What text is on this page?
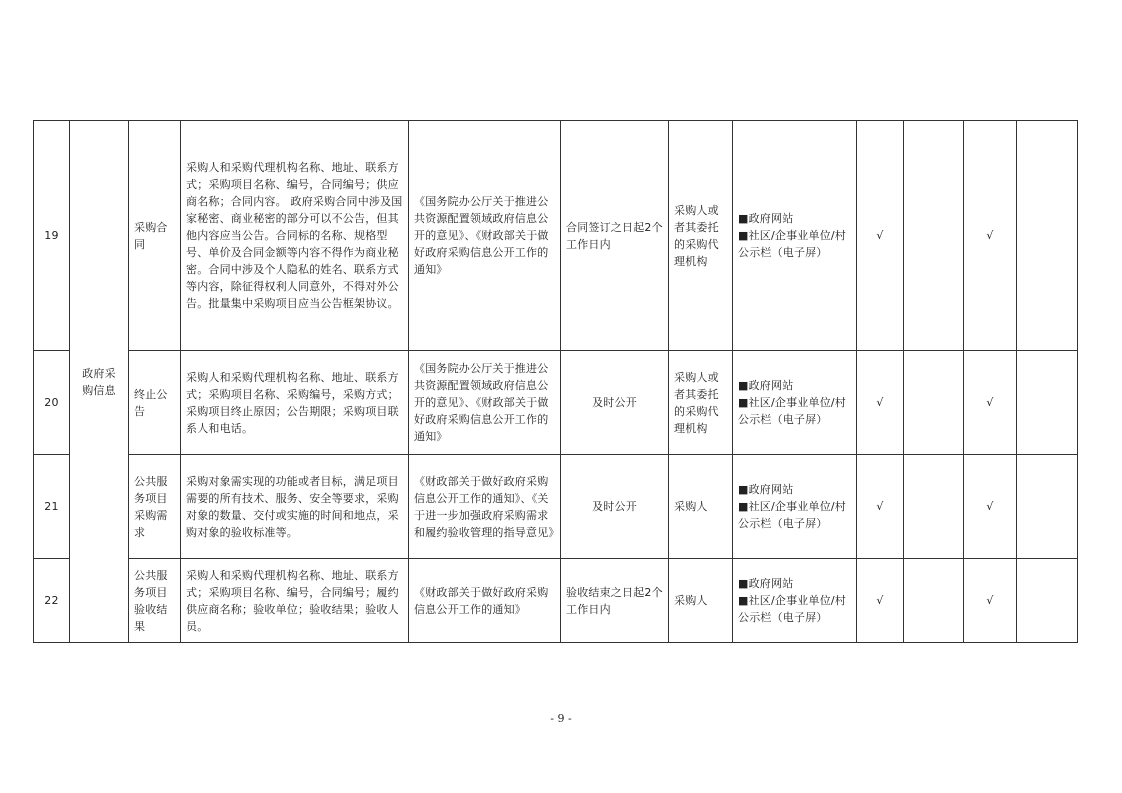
19	政府采 购信息	采购合 同	采购人和采购代理机构名称、地址、联系方式；采购项目名称、编号，合同编号；供应商名称；合同内容。 政府采购合同中涉及国家秘密、商业秘密的部分可以不公告，但其他内容应当公告。合同标的名称、规格型号、单价及合同金额等内容不得作为商业秘密。合同中涉及个人隐私的姓名、联系方式等内容，除征得权利人同意外，不得对外公告。批量集中采购项目应当公告框架协议。	《国务院办公厅关于推进公共资源配置领域政府信息公开的意见》、《财政部关于做好政府采购信息公开工作的通知》	合同签订之日起2个工作日内	采购人或者其委托的采购代理机构	■政府网站
■社区/企事业单位/村公示栏（电子屏）	√		√	
20		终止公 告	采购人和采购代理机构名称、地址、联系方式；采购项目名称、采购编号，采购方式；采购项目终止原因；公告期限；采购项目联系人和电话。	《国务院办公厅关于推进公共资源配置领域政府信息公开的意见》、《财政部关于做好政府采购信息公开工作的通知》	及时公开	采购人或者其委托的采购代理机构	■政府网站
■社区/企事业单位/村公示栏（电子屏）	√		√	
21		公共服 务项目 采购需 求	采购对象需实现的功能或者目标，满足项目需要的所有技术、服务、安全等要求，采购对象的数量、交付或实施的时间和地点，采购对象的验收标准等。	《财政部关于做好政府采购信息公开工作的通知》、《关于进一步加强政府采购需求和履约验收管理的指导意见》	及时公开	采购人	■政府网站
■社区/企事业单位/村公示栏（电子屏）	√		√	
22		公共服 务项目 验收结 果	采购人和采购代理机构名称、地址、联系方式；采购项目名称、编号，合同编号；履约供应商名称；验收单位；验收结果；验收人员。	《财政部关于做好政府采购信息公开工作的通知》	验收结束之日起2个工作日内	采购人	■政府网站
■社区/企事业单位/村公示栏（电子屏）	√		√	
- 9 -
